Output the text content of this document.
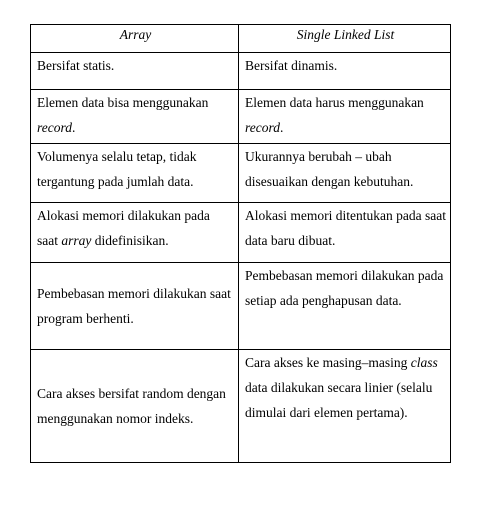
Array	Single Linked List
Bersifat statis.	Bersifat dinamis.
Elemen data bisa menggunakan record.	Elemen data harus menggunakan record.
Volumenya selalu tetap, tidak tergantung pada jumlah data.	Ukurannya berubah – ubah disesuaikan dengan kebutuhan.
Alokasi memori dilakukan pada saat array didefinisikan.	Alokasi memori ditentukan pada saat data baru dibuat.
Pembebasan memori dilakukan saat program berhenti.	Pembebasan memori dilakukan pada setiap ada penghapusan data.
Cara akses bersifat random dengan menggunakan nomor indeks.	Cara akses ke masing–masing class data dilakukan secara linier (selalu dimulai dari elemen pertama).
